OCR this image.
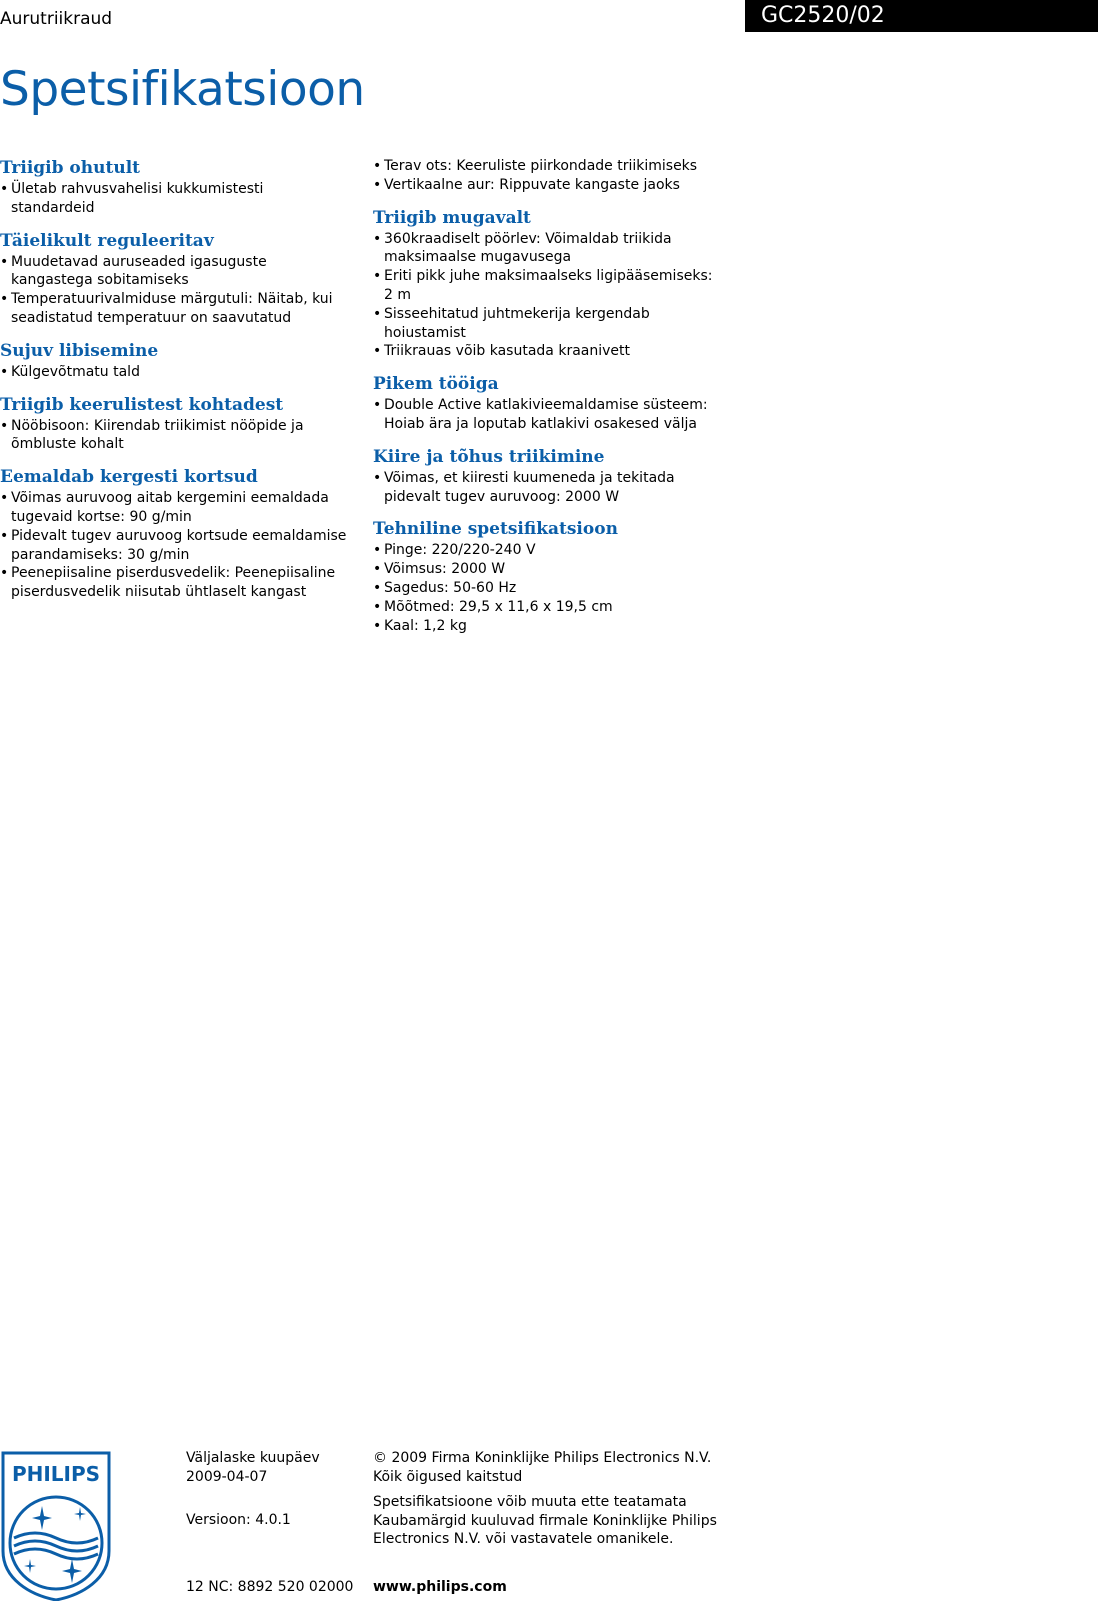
Aurutriikraud	GC2520/02
Spetsifikatsioon
Triigib ohutult
• Ületab rahvusvahelisi kukkumistesti standardeid
Täielikult reguleeritav
• Muudetavad auruseaded igasuguste kangastega sobitamiseks
• Temperatuurivalmiduse märgutuli: Näitab, kui seadistatud temperatuur on saavutatud
Sujuv libisemine
• Külgevõtmatu tald
Triigib keerulistest kohtadest
• Nööbisoon: Kiirendab triikimist nööpide ja õmbluste kohalt
Eemaldab kergesti kortsud
• Võimas auruvoog aitab kergemini eemaldada tugevaid kortse: 90 g/min
• Pidevalt tugev auruvoog kortsude eemaldamise parandamiseks: 30 g/min
• Peenepiisaline piserdusvedelik: Peenepiisaline piserdusvedelik niisutab ühtlaselt kangast
• Terav ots: Keeruliste piirkondade triikimiseks
• Vertikaalne aur: Rippuvate kangaste jaoks
Triigib mugavalt
• 360kraadiselt pöörlev: Võimaldab triikida maksimaalse mugavusega
• Eriti pikk juhe maksimaalseks ligipääsemiseks: 2 m
• Sisseehitatud juhtmekerija kergendab hoiustamist
• Triikrauas võib kasutada kraanivett
Pikem tööiga
• Double Active katlakivieemaldamise süsteem: Hoiab ära ja loputab katlakivi osakesed välja
Kiire ja tõhus triikimine
• Võimas, et kiiresti kuumeneda ja tekitada pidevalt tugev auruvoog: 2000 W
Tehniline spetsifikatsioon
• Pinge: 220/220-240 V
• Võimsus: 2000 W
• Sagedus: 50-60 Hz
• Mõõtmed: 29,5 x 11,6 x 19,5 cm
• Kaal: 1,2 kg
PHILIPS
Väljalaske kuupäev
2009-04-07
Versioon: 4.0.1
12 NC: 8892 520 02000
© 2009 Firma Koninklijke Philips Electronics N.V.
Kõik õigused kaitstud
Spetsifikatsioone võib muuta ette teatamata
Kaubamärgid kuuluvad firmale Koninklijke Philips
Electronics N.V. või vastavatele omanikele.
www.philips.com
